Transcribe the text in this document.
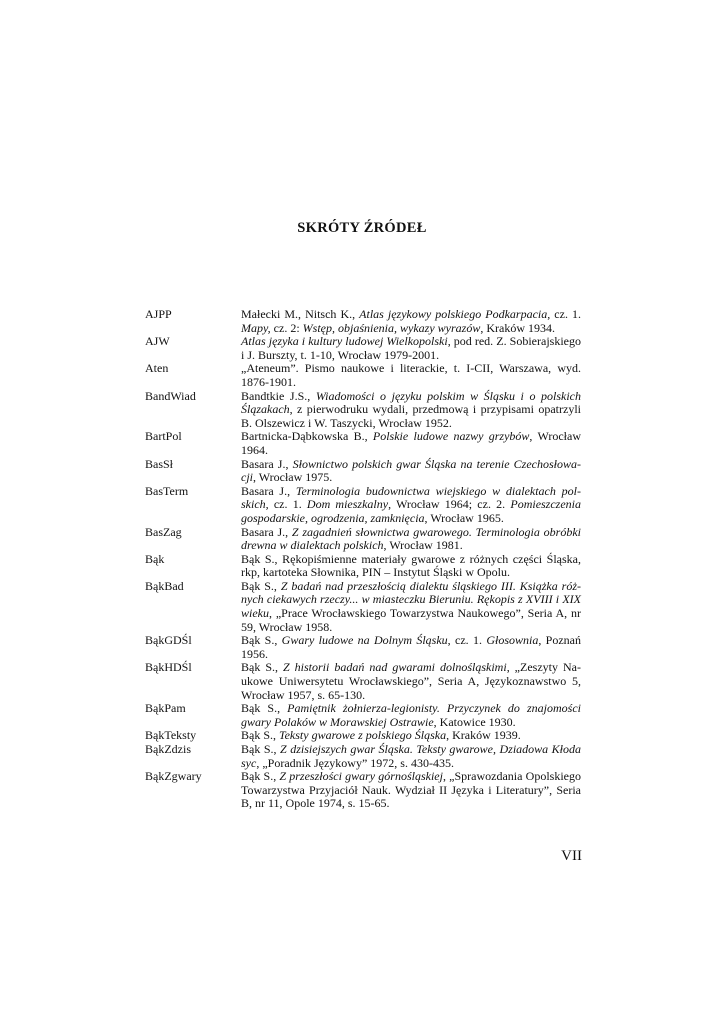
SKRÓTY ŹRÓDEŁ
AJPP	Małecki M., Nitsch K., Atlas językowy polskiego Podkarpacia, cz. 1. Mapy, cz. 2: Wstęp, objaśnienia, wykazy wyrazów, Kraków 1934.
AJW	Atlas języka i kultury ludowej Wielkopolski, pod red. Z. Sobierajskiego i J. Burszty, t. 1-10, Wrocław 1979-2001.
Aten	„Ateneum”. Pismo naukowe i literackie, t. I-CII, Warszawa, wyd. 1876-1901.
BandWiad	Bandtkie J.S., Wiadomości o języku polskim w Śląsku i o polskich Ślązakach, z pierwodruku wydali, przedmową i przypisami opatrzyli B. Olszewicz i W. Taszycki, Wrocław 1952.
BartPol	Bartnicka-Dąbkowska B., Polskie ludowe nazwy grzybów, Wrocław 1964.
BasSł	Basara J., Słownictwo polskich gwar Śląska na terenie Czechosłowacji, Wrocław 1975.
BasTerm	Basara J., Terminologia budownictwa wiejskiego w dialektach polskich, cz. 1. Dom mieszkalny, Wrocław 1964; cz. 2. Pomieszczenia gospodarskie, ogrodzenia, zamknięcia, Wrocław 1965.
BasZag	Basara J., Z zagadnień słownictwa gwarowego. Terminologia obróbki drewna w dialektach polskich, Wrocław 1981.
Bąk	Bąk S., Rękopiśmienne materiały gwarowe z różnych części Śląska, rkp, kartoteka Słownika, PIN – Instytut Śląski w Opolu.
BąkBad	Bąk S., Z badań nad przeszłością dialektu śląskiego III. Książka różnych ciekawych rzeczy... w miasteczku Bieruniu. Rękopis z XVIII i XIX wieku, „Prace Wrocławskiego Towarzystwa Naukowego”, Seria A, nr 59, Wrocław 1958.
BąkGDŚl	Bąk S., Gwary ludowe na Dolnym Śląsku, cz. 1. Głosownia, Poznań 1956.
BąkHDŚl	Bąk S., Z historii badań nad gwarami dolnośląskimi, „Zeszyty Naukowe Uniwersytetu Wrocławskiego”, Seria A, Językoznawstwo 5, Wrocław 1957, s. 65-130.
BąkPam	Bąk S., Pamiętnik żołnierza-legionisty. Przyczynek do znajomości gwary Polaków w Morawskiej Ostrawie, Katowice 1930.
BąkTeksty	Bąk S., Teksty gwarowe z polskiego Śląska, Kraków 1939.
BąkZdzis	Bąk S., Z dzisiejszych gwar Śląska. Teksty gwarowe, Dziadowa Kłoda syc, „Poradnik Językowy” 1972, s. 430-435.
BąkZgwary	Bąk S., Z przeszłości gwary górnośląskiej, „Sprawozdania Opolskiego Towarzystwa Przyjaciół Nauk. Wydział II Języka i Literatury”, Seria B, nr 11, Opole 1974, s. 15-65.
VII
